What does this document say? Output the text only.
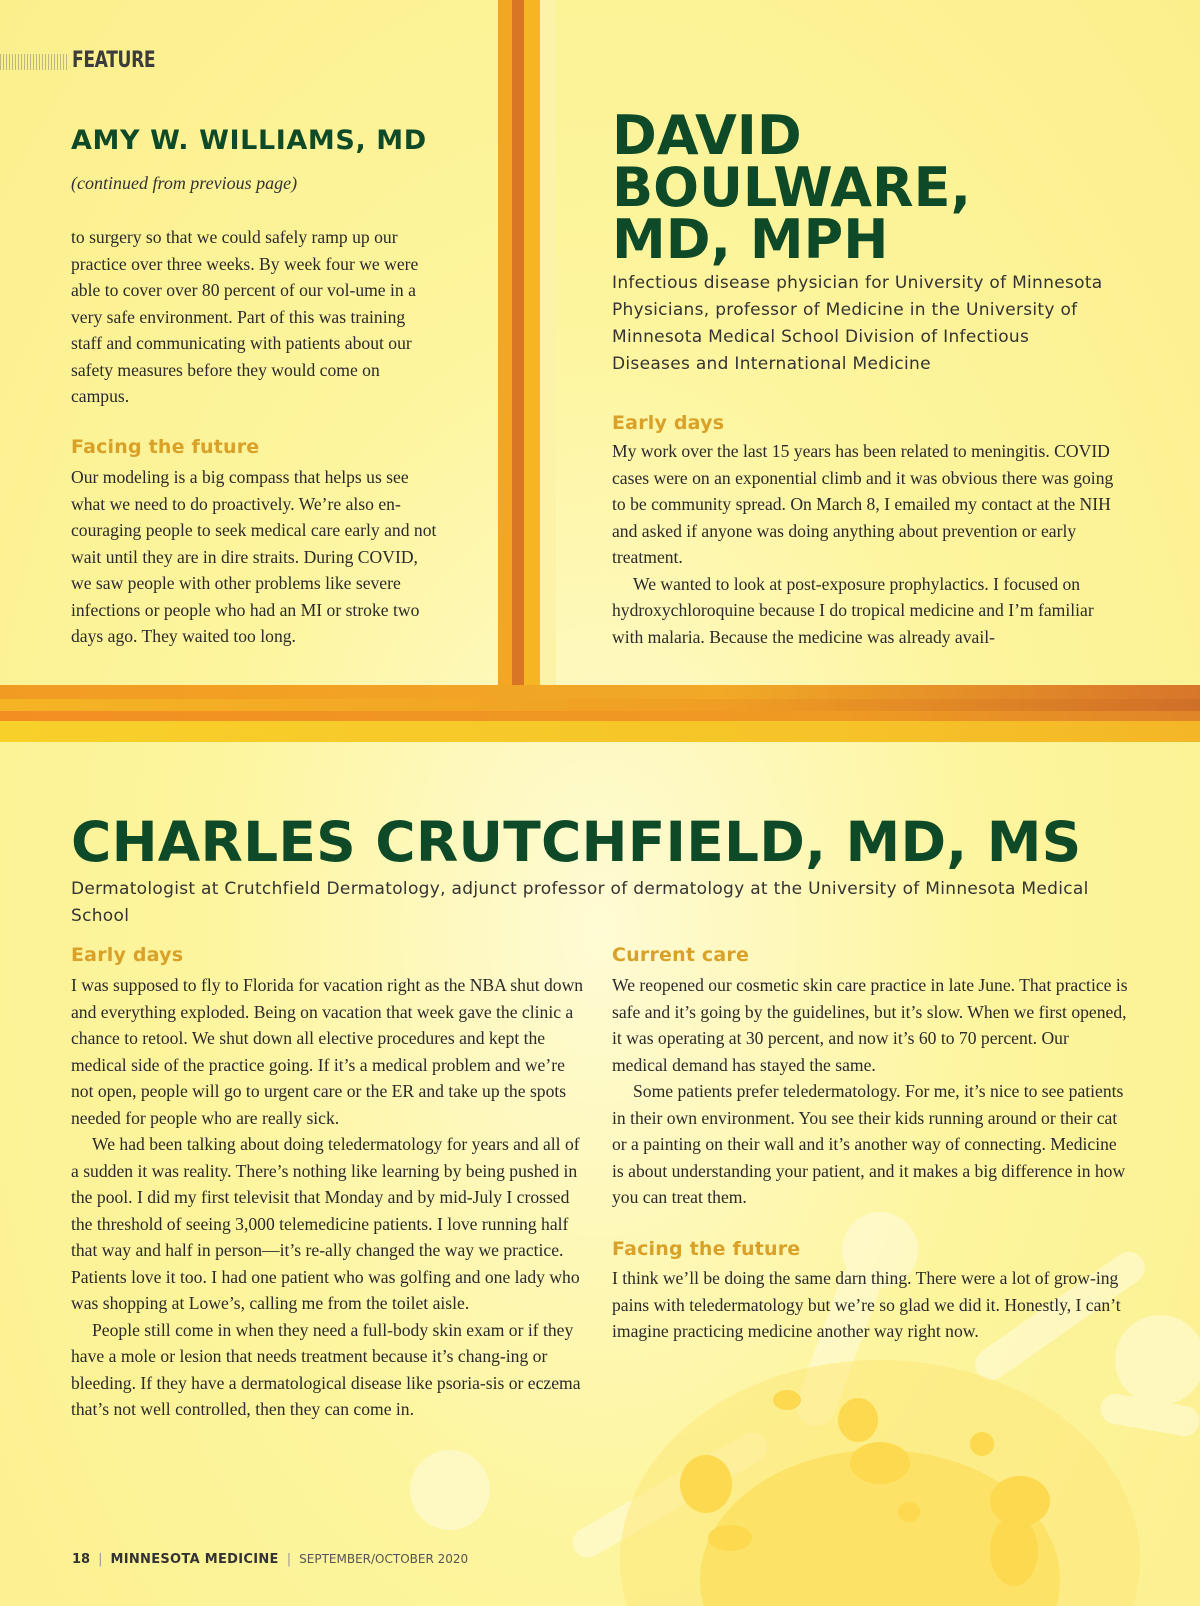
FEATURE
AMY W. WILLIAMS, MD
(continued from previous page)

to surgery so that we could safely ramp up our practice over three weeks. By week four we were able to cover over 80 percent of our vol-ume in a very safe environment. Part of this was training staff and communicating with patients about our safety measures before they would come on campus.

Facing the future

Our modeling is a big compass that helps us see what we need to do proactively. We’re also en-couraging people to seek medical care early and not wait until they are in dire straits. During COVID, we saw people with other problems like severe infections or people who had an MI or stroke two days ago. They waited too long.

DAVID
BOULWARE,
MD, MPH
Infectious disease physician for University of Minnesota Physicians, professor of Medicine in the University of Minnesota Medical School Division of Infectious Diseases and International Medicine
Early days

My work over the last 15 years has been related to meningitis. COVID cases were on an exponential climb and it was obvious there was going to be community spread. On March 8, I emailed my contact at the NIH and asked if anyone was doing anything about prevention or early treatment.

We wanted to look at post-exposure prophylactics. I focused on hydroxychloroquine because I do tropical medicine and I’m familiar with malaria. Because the medicine was already avail-

CHARLES CRUTCHFIELD, MD, MS
Dermatologist at Crutchfield Dermatology, adjunct professor of dermatology at the University of Minnesota Medical School
Early days

I was supposed to fly to Florida for vacation right as the NBA shut down and everything exploded. Being on vacation that week gave the clinic a chance to retool. We shut down all elective procedures and kept the medical side of the practice going. If it’s a medical problem and we’re not open, people will go to urgent care or the ER and take up the spots needed for people who are really sick.

We had been talking about doing teledermatology for years and all of a sudden it was reality. There’s nothing like learning by being pushed in the pool. I did my first televisit that Monday and by mid-July I crossed the threshold of seeing 3,000 telemedicine patients. I love running half that way and half in person—it’s re-ally changed the way we practice. Patients love it too. I had one patient who was golfing and one lady who was shopping at Lowe’s, calling me from the toilet aisle.

People still come in when they need a full-body skin exam or if they have a mole or lesion that needs treatment because it’s chang-ing or bleeding. If they have a dermatological disease like psoria-sis or eczema that’s not well controlled, then they can come in.

Current care

We reopened our cosmetic skin care practice in late June. That practice is safe and it’s going by the guidelines, but it’s slow. When we first opened, it was operating at 30 percent, and now it’s 60 to 70 percent. Our medical demand has stayed the same.

Some patients prefer teledermatology. For me, it’s nice to see patients in their own environment. You see their kids running around or their cat or a painting on their wall and it’s another way of connecting. Medicine is about understanding your patient, and it makes a big difference in how you can treat them.

Facing the future

I think we’ll be doing the same darn thing. There were a lot of grow-ing pains with teledermatology but we’re so glad we did it. Honestly, I can’t imagine practicing medicine another way right now.

18 | MINNESOTA MEDICINE | SEPTEMBER/OCTOBER 2020
